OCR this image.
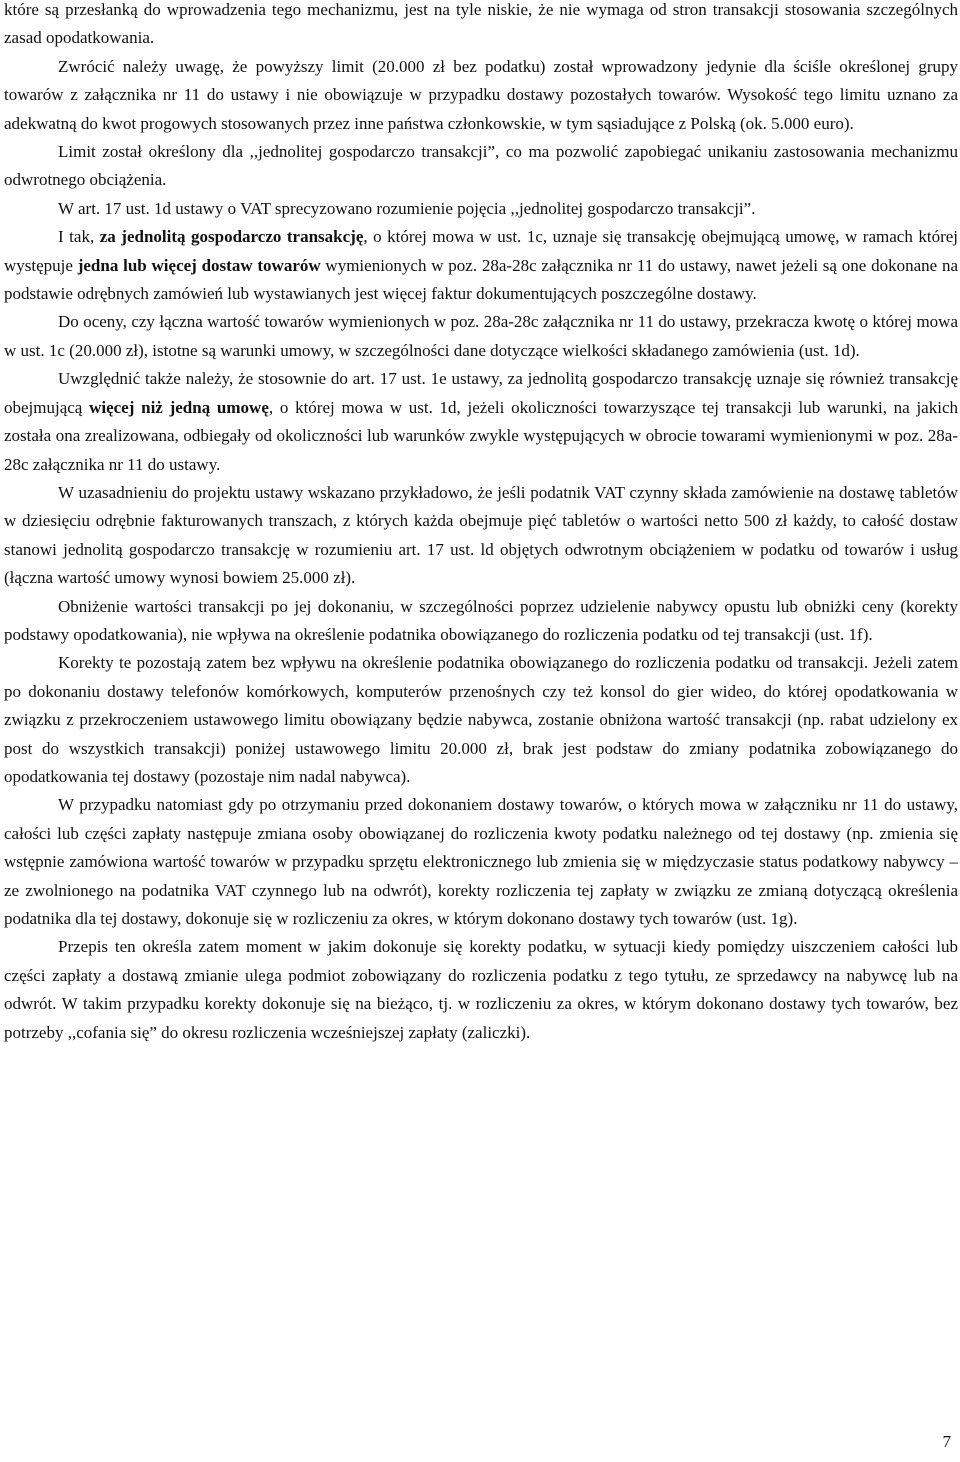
które są przesłanką do wprowadzenia tego mechanizmu, jest na tyle niskie, że nie wymaga od stron transakcji stosowania szczególnych zasad opodatkowania.

Zwrócić należy uwagę, że powyższy limit (20.000 zł bez podatku) został wprowadzony jedynie dla ściśle określonej grupy towarów z załącznika nr 11 do ustawy i nie obowiązuje w przypadku dostawy pozostałych towarów. Wysokość tego limitu uznano za adekwatną do kwot progowych stosowanych przez inne państwa członkowskie, w tym sąsiadujące z Polską (ok. 5.000 euro).

Limit został określony dla ,,jednolitej gospodarczo transakcji”, co ma pozwolić zapobiegać unikaniu zastosowania mechanizmu odwrotnego obciążenia.

W art. 17 ust. 1d ustawy o VAT sprecyzowano rozumienie pojęcia ,,jednolitej gospodarczo transakcji”.

I tak, za jednolitą gospodarczo transakcję, o której mowa w ust. 1c, uznaje się transakcję obejmującą umowę, w ramach której występuje jedna lub więcej dostaw towarów wymienionych w poz. 28a-28c załącznika nr 11 do ustawy, nawet jeżeli są one dokonane na podstawie odrębnych zamówień lub wystawianych jest więcej faktur dokumentujących poszczególne dostawy.

Do oceny, czy łączna wartość towarów wymienionych w poz. 28a-28c załącznika nr 11 do ustawy, przekracza kwotę o której mowa w ust. 1c (20.000 zł), istotne są warunki umowy, w szczególności dane dotyczące wielkości składanego zamówienia (ust. 1d).

Uwzględnić także należy, że stosownie do art. 17 ust. 1e ustawy, za jednolitą gospodarczo transakcję uznaje się również transakcję obejmującą więcej niż jedną umowę, o której mowa w ust. 1d, jeżeli okoliczności towarzyszące tej transakcji lub warunki, na jakich została ona zrealizowana, odbiegały od okoliczności lub warunków zwykle występujących w obrocie towarami wymienionymi w poz. 28a-28c załącznika nr 11 do ustawy.

W uzasadnieniu do projektu ustawy wskazano przykładowo, że jeśli podatnik VAT czynny składa zamówienie na dostawę tabletów w dziesięciu odrębnie fakturowanych transzach, z których każda obejmuje pięć tabletów o wartości netto 500 zł każdy, to całość dostaw stanowi jednolitą gospodarczo transakcję w rozumieniu art. 17 ust. ld objętych odwrotnym obciążeniem w podatku od towarów i usług (łączna wartość umowy wynosi bowiem 25.000 zł).

Obniżenie wartości transakcji po jej dokonaniu, w szczególności poprzez udzielenie nabywcy opustu lub obniżki ceny (korekty podstawy opodatkowania), nie wpływa na określenie podatnika obowiązanego do rozliczenia podatku od tej transakcji (ust. 1f).

Korekty te pozostają zatem bez wpływu na określenie podatnika obowiązanego do rozliczenia podatku od transakcji. Jeżeli zatem po dokonaniu dostawy telefonów komórkowych, komputerów przenośnych czy też konsol do gier wideo, do której opodatkowania w związku z przekroczeniem ustawowego limitu obowiązany będzie nabywca, zostanie obniżona wartość transakcji (np. rabat udzielony ex post do wszystkich transakcji) poniżej ustawowego limitu 20.000 zł, brak jest podstaw do zmiany podatnika zobowiązanego do opodatkowania tej dostawy (pozostaje nim nadal nabywca).

W przypadku natomiast gdy po otrzymaniu przed dokonaniem dostawy towarów, o których mowa w załączniku nr 11 do ustawy, całości lub części zapłaty następuje zmiana osoby obowiązanej do rozliczenia kwoty podatku należnego od tej dostawy (np. zmienia się wstępnie zamówiona wartość towarów w przypadku sprzętu elektronicznego lub zmienia się w międzyczasie status podatkowy nabywcy – ze zwolnionego na podatnika VAT czynnego lub na odwrót), korekty rozliczenia tej zapłaty w związku ze zmianą dotyczącą określenia podatnika dla tej dostawy, dokonuje się w rozliczeniu za okres, w którym dokonano dostawy tych towarów (ust. 1g).

Przepis ten określa zatem moment w jakim dokonuje się korekty podatku, w sytuacji kiedy pomiędzy uiszczeniem całości lub części zapłaty a dostawą zmianie ulega podmiot zobowiązany do rozliczenia podatku z tego tytułu, ze sprzedawcy na nabywcę lub na odwrót. W takim przypadku korekty dokonuje się na bieżąco, tj. w rozliczeniu za okres, w którym dokonano dostawy tych towarów, bez potrzeby ,,cofania się” do okresu rozliczenia wcześniejszej zapłaty (zaliczki).

7
